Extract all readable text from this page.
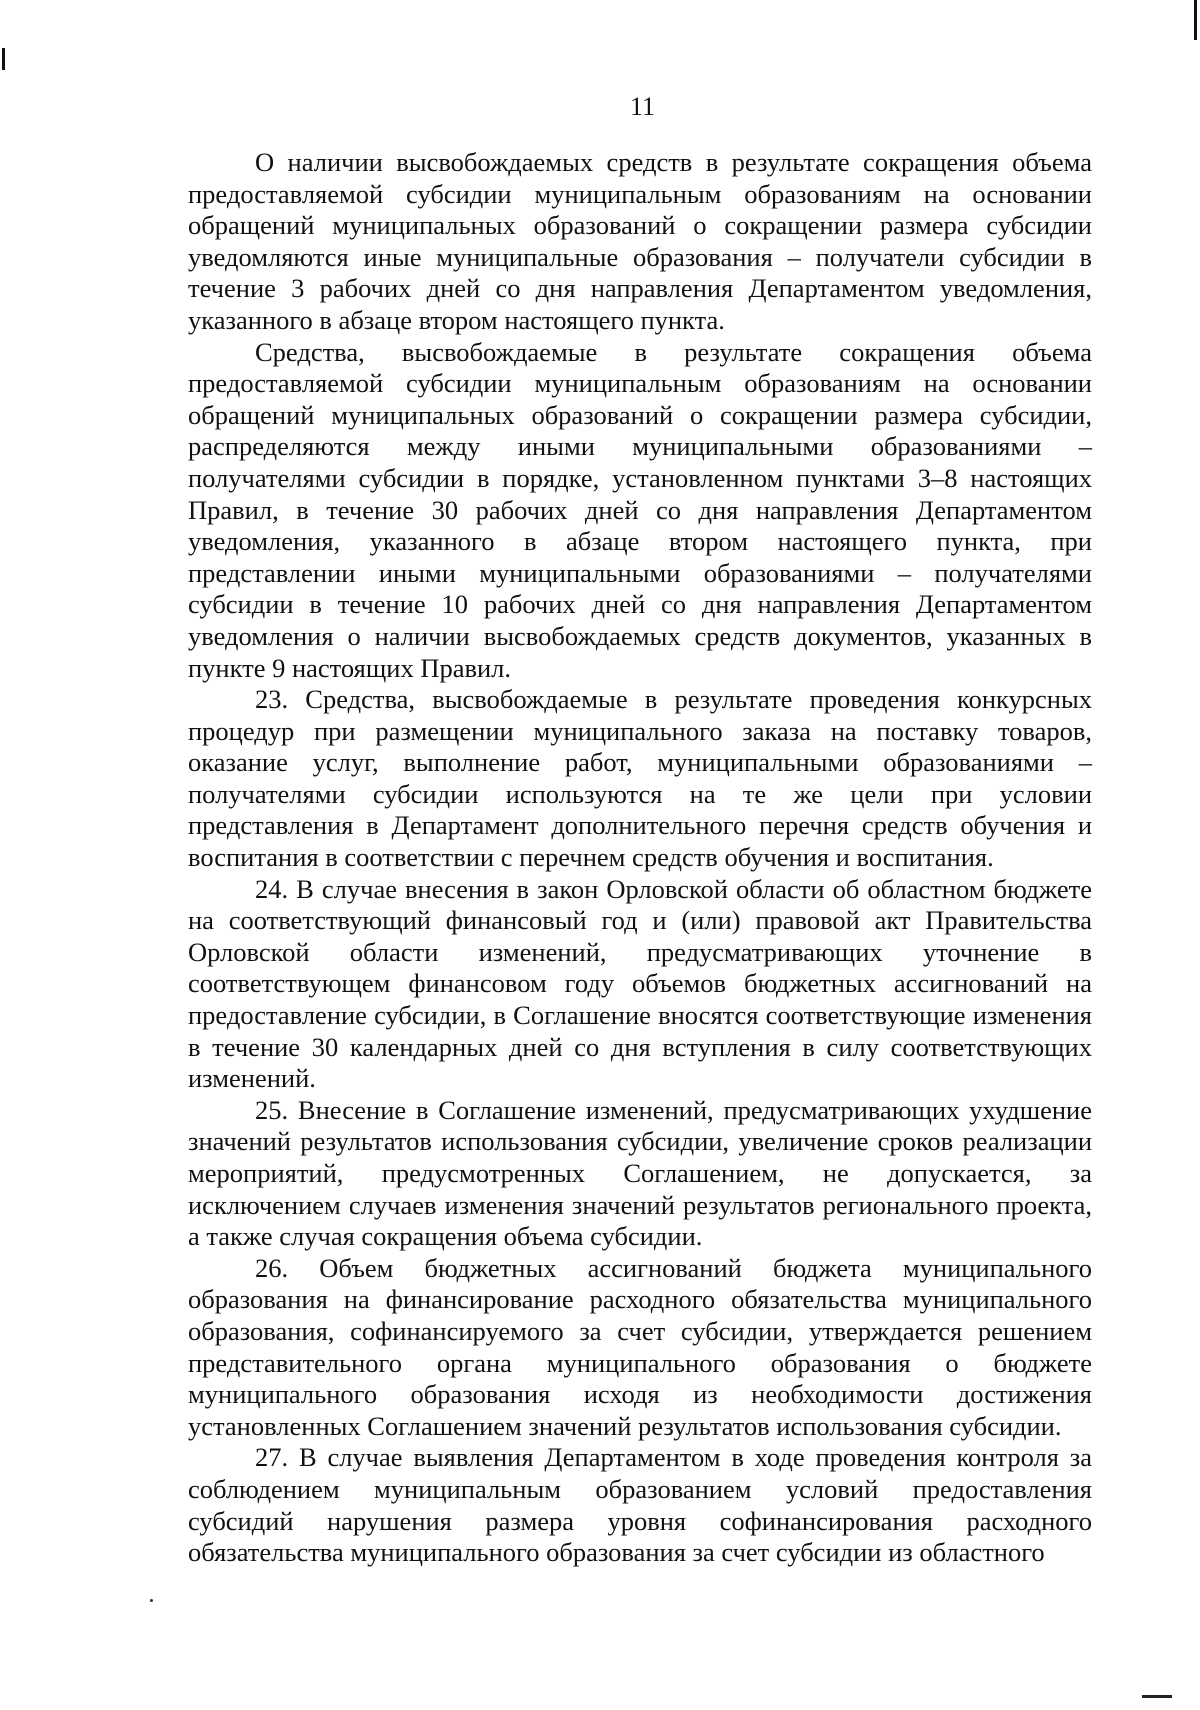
11

О наличии высвобождаемых средств в результате сокращения объема предоставляемой субсидии муниципальным образованиям на основании обращений муниципальных образований о сокращении размера субсидии уведомляются иные муниципальные образования – получатели субсидии в течение 3 рабочих дней со дня направления Департаментом уведомления, указанного в абзаце втором настоящего пункта.

Средства, высвобождаемые в результате сокращения объема предоставляемой субсидии муниципальным образованиям на основании обращений муниципальных образований о сокращении размера субсидии, распределяются между иными муниципальными образованиями – получателями субсидии в порядке, установленном пунктами 3–8 настоящих Правил, в течение 30 рабочих дней со дня направления Департаментом уведомления, указанного в абзаце втором настоящего пункта, при представлении иными муниципальными образованиями – получателями субсидии в течение 10 рабочих дней со дня направления Департаментом уведомления о наличии высвобождаемых средств документов, указанных в пункте 9 настоящих Правил.

23. Средства, высвобождаемые в результате проведения конкурсных процедур при размещении муниципального заказа на поставку товаров, оказание услуг, выполнение работ, муниципальными образованиями – получателями субсидии используются на те же цели при условии представления в Департамент дополнительного перечня средств обучения и воспитания в соответствии с перечнем средств обучения и воспитания.

24. В случае внесения в закон Орловской области об областном бюджете на соответствующий финансовый год и (или) правовой акт Правительства Орловской области изменений, предусматривающих уточнение в соответствующем финансовом году объемов бюджетных ассигнований на предоставление субсидии, в Соглашение вносятся соответствующие изменения в течение 30 календарных дней со дня вступления в силу соответствующих изменений.

25. Внесение в Соглашение изменений, предусматривающих ухудшение значений результатов использования субсидии, увеличение сроков реализации мероприятий, предусмотренных Соглашением, не допускается, за исключением случаев изменения значений результатов регионального проекта, а также случая сокращения объема субсидии.

26. Объем бюджетных ассигнований бюджета муниципального образования на финансирование расходного обязательства муниципального образования, софинансируемого за счет субсидии, утверждается решением представительного органа муниципального образования о бюджете муниципального образования исходя из необходимости достижения установленных Соглашением значений результатов использования субсидии.

27. В случае выявления Департаментом в ходе проведения контроля за соблюдением муниципальным образованием условий предоставления субсидий нарушения размера уровня софинансирования расходного обязательства муниципального образования за счет субсидии из областного
